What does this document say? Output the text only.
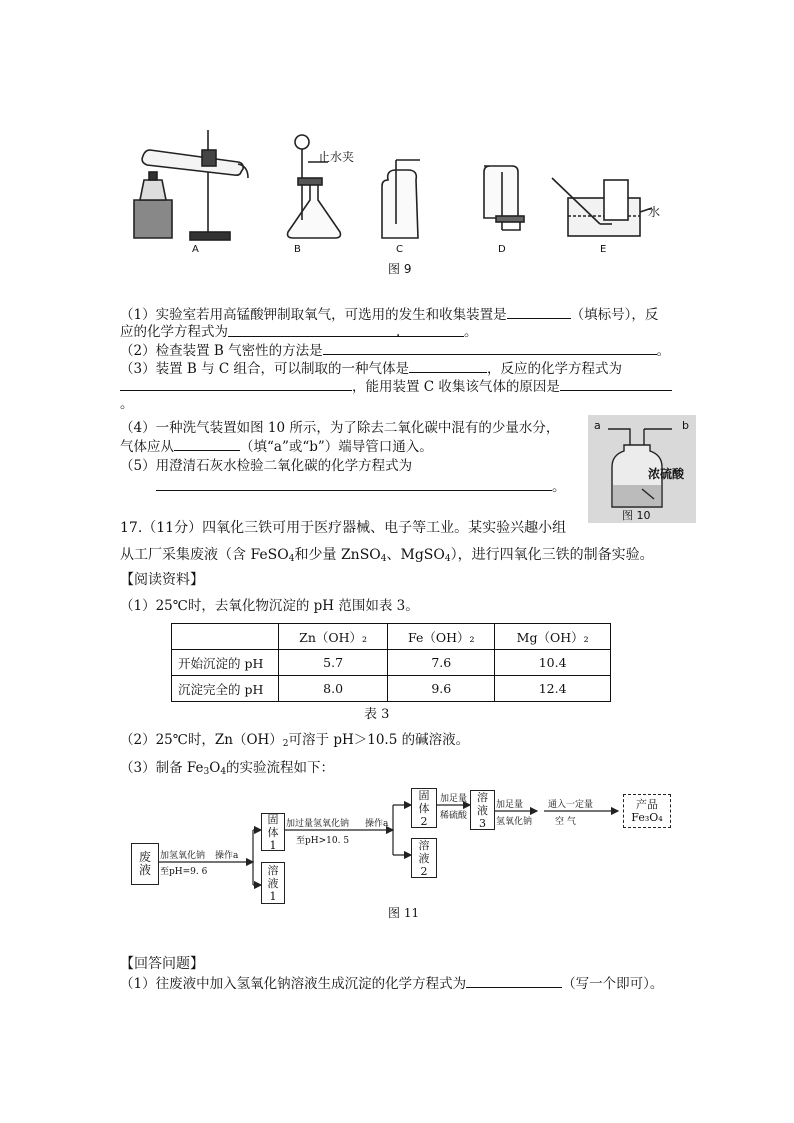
A	B	C	D	E
止水夹
水
图 9
（1）实验室若用高锰酸钾制取氧气，可选用的发生和收集装置是	（填标号），反
应的化学方程式为	.	。
（2）检查装置 B 气密性的方法是	。
（3）装置 B 与 C 组合，可以制取的一种气体是	，反应的化学方程式为
，能用装置 C 收集该气体的原因是
。
（4）一种洗气装置如图 10 所示，为了除去二氧化碳中混有的少量水分，
气体应从	（填“a”或“b”）端导管口通入。
（5）用澄清石灰水检验二氧化碳的化学方程式为
。
a	b
浓硫酸
图 10
17.（11分）四氧化三铁可用于医疗器械、电子等工业。某实验兴趣小组
从工厂采集废液（含 FeSO$_4$和少量 ZnSO$_4$、MgSO$_4$），进行四氧化三铁的制备实验。
【阅读资料】
（1）25℃时，去氧化物沉淀的 pH 范围如表 3。
	Zn（OH）₂	Fe（OH）₂	Mg（OH）₂
开始沉淀的 pH	5.7	7.6	10.4
沉淀完全的 pH	8.0	9.6	12.4
表 3
（2）25℃时，$Zn(OH)_2$可溶于 pH＞10.5 的碱溶液。
（3）制备 $Fe_3O_4$的实验流程如下：
废
液
固
体
1
溶
液
1
固
体
2
溶
液
2
溶
液
3
产品
Fe₃O₄
加氢氧化钠
至pH=9. 6
操作a
加过量氢氧化钠
至pH>10. 5
操作a
加足量
稀硫酸
加足量
氢氧化钠
通入一定量
空 气
图 11
【回答问题】
（1）往废液中加入氢氧化钠溶液生成沉淀的化学方程式为	（写一个即可）。
